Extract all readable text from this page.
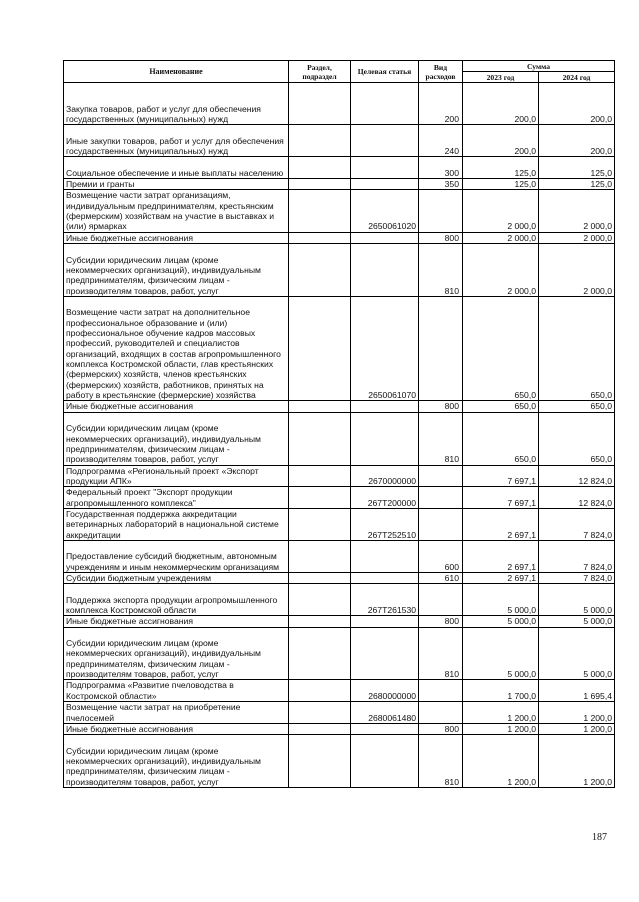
Наименование	Раздел, подраздел	Целевая статья	Вид расходов	Сумма	
				2023 год	2024 год
Закупка товаров, работ и услуг для обеспечения государственных (муниципальных) нужд			200	200,0	200,0
Иные закупки товаров, работ и услуг для обеспечения государственных (муниципальных) нужд			240	200,0	200,0
Социальное обеспечение и иные выплаты населению			300	125,0	125,0
Премии и гранты			350	125,0	125,0
Возмещение части затрат организациям, индивидуальным предпринимателям, крестьянским (фермерским) хозяйствам на участие в выставках и (или) ярмарках		2650061020		2 000,0	2 000,0
Иные бюджетные ассигнования			800	2 000,0	2 000,0
Субсидии юридическим лицам (кроме некоммерческих организаций), индивидуальным предпринимателям, физическим лицам - производителям товаров, работ, услуг			810	2 000,0	2 000,0
Возмещение части затрат на дополнительное профессиональное образование и (или) профессиональное обучение кадров массовых профессий, руководителей и специалистов организаций, входящих в состав агропромышленного комплекса Костромской области, глав крестьянских (фермерских) хозяйств, членов крестьянских (фермерских) хозяйств, работников, принятых на работу в крестьянские (фермерские) хозяйства		2650061070		650,0	650,0
Иные бюджетные ассигнования			800	650,0	650,0
Субсидии юридическим лицам (кроме некоммерческих организаций), индивидуальным предпринимателям, физическим лицам - производителям товаров, работ, услуг			810	650,0	650,0
Подпрограмма «Региональный проект «Экспорт продукции АПК»		2670000000		7 697,1	12 824,0
Федеральный проект "Экспорт продукции агропромышленного комплекса"		267Т200000		7 697,1	12 824,0
Государственная поддержка аккредитации ветеринарных лабораторий в национальной системе аккредитации		267Т252510		2 697,1	7 824,0
Предоставление субсидий бюджетным, автономным учреждениям и иным некоммерческим организациям			600	2 697,1	7 824,0
Субсидии бюджетным учреждениям			610	2 697,1	7 824,0
Поддержка экспорта продукции агропромышленного комплекса Костромской области		267Т261530		5 000,0	5 000,0
Иные бюджетные ассигнования			800	5 000,0	5 000,0
Субсидии юридическим лицам (кроме некоммерческих организаций), индивидуальным предпринимателям, физическим лицам - производителям товаров, работ, услуг			810	5 000,0	5 000,0
Подпрограмма «Развитие пчеловодства в Костромской области»		2680000000		1 700,0	1 695,4
Возмещение части затрат на приобретение пчелосемей		2680061480		1 200,0	1 200,0
Иные бюджетные ассигнования			800	1 200,0	1 200,0
Субсидии юридическим лицам (кроме некоммерческих организаций), индивидуальным предпринимателям, физическим лицам - производителям товаров, работ, услуг			810	1 200,0	1 200,0
187
